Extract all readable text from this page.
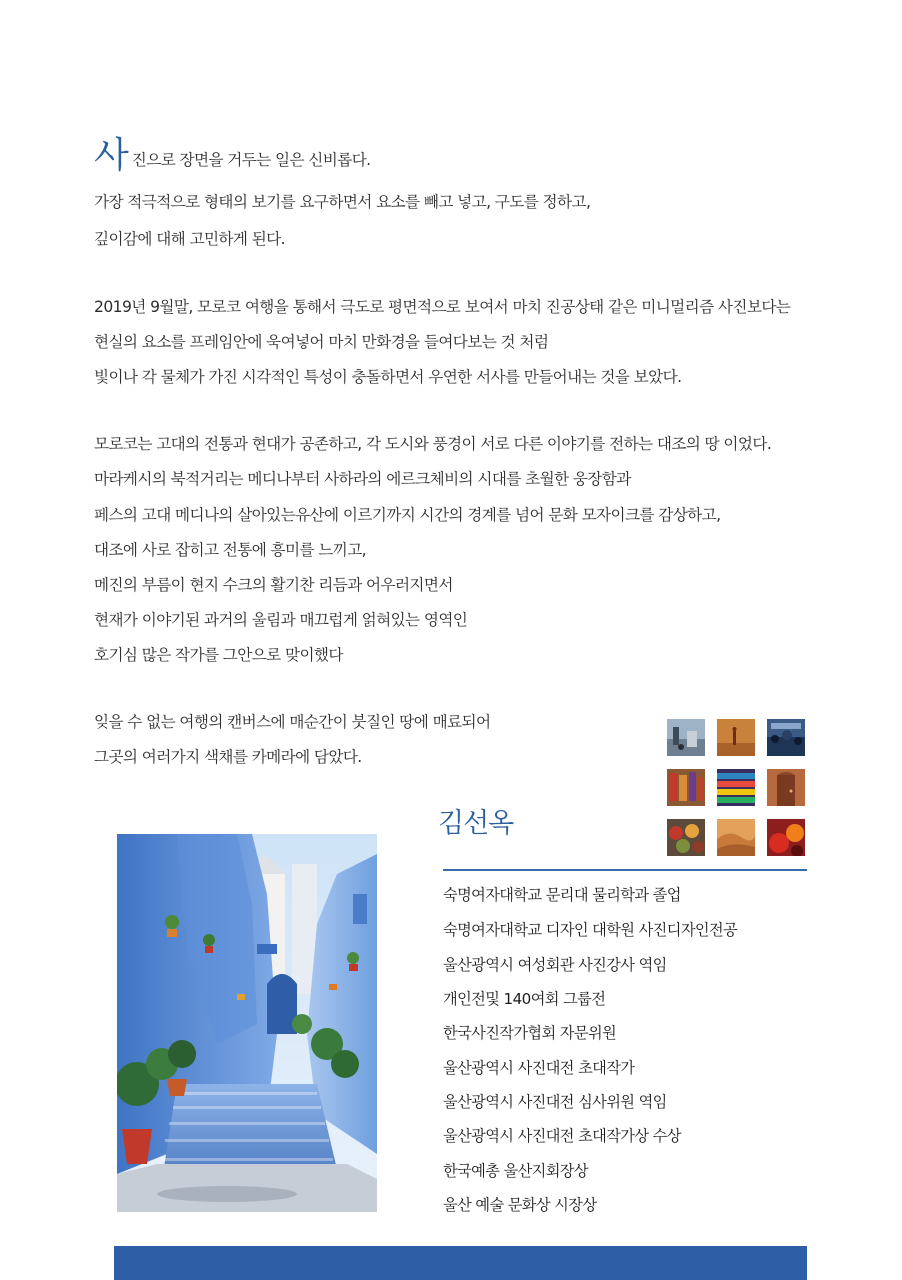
사진으로 장면을 거두는 일은 신비롭다.
가장 적극적으로 형태의 보기를 요구하면서 요소를 빼고 넣고, 구도를 정하고,
깊이감에 대해 고민하게 된다.
2019년 9월말, 모로코 여행을 통해서 극도로 평면적으로 보여서 마치 진공상태 같은 미니멀리즘 사진보다는
현실의 요소를 프레임안에 욱여넣어 마치 만화경을 들여다보는 것 처럼
빛이나 각 물체가 가진 시각적인 특성이 충돌하면서 우연한 서사를 만들어내는 것을 보았다.
모로코는 고대의 전통과 현대가 공존하고, 각 도시와 풍경이 서로 다른 이야기를 전하는 대조의 땅 이었다.
마라케시의 북적거리는 메디나부터 사하라의 에르크체비의 시대를 초월한 웅장함과
페스의 고대 메디나의 살아있는유산에 이르기까지 시간의 경계를 넘어 문화 모자이크를 감상하고,
대조에 사로 잡히고 전통에 흥미를 느끼고,
메진의 부름이 현지 수크의 활기찬 리듬과 어우러지면서
현재가 이야기된 과거의 울림과 매끄럽게 얽혀있는 영역인
호기심 많은 작가를 그안으로 맞이했다
잊을 수 없는 여행의 캔버스에 매순간이 붓질인 땅에 매료되어
그곳의 여러가지 색채를 카메라에 담았다.
김선옥
숙명여자대학교 문리대 물리학과 졸업
숙명여자대학교 디자인 대학원 사진디자인전공
울산광역시 여성회관 사진강사 역임
개인전및 140여회 그룹전
한국사진작가협회 자문위원
울산광역시 사진대전 초대작가
울산광역시 사진대전 심사위원 역임
울산광역시 사진대전 초대작가상 수상
한국예총 울산지회장상
울산 예술 문화상 시장상
